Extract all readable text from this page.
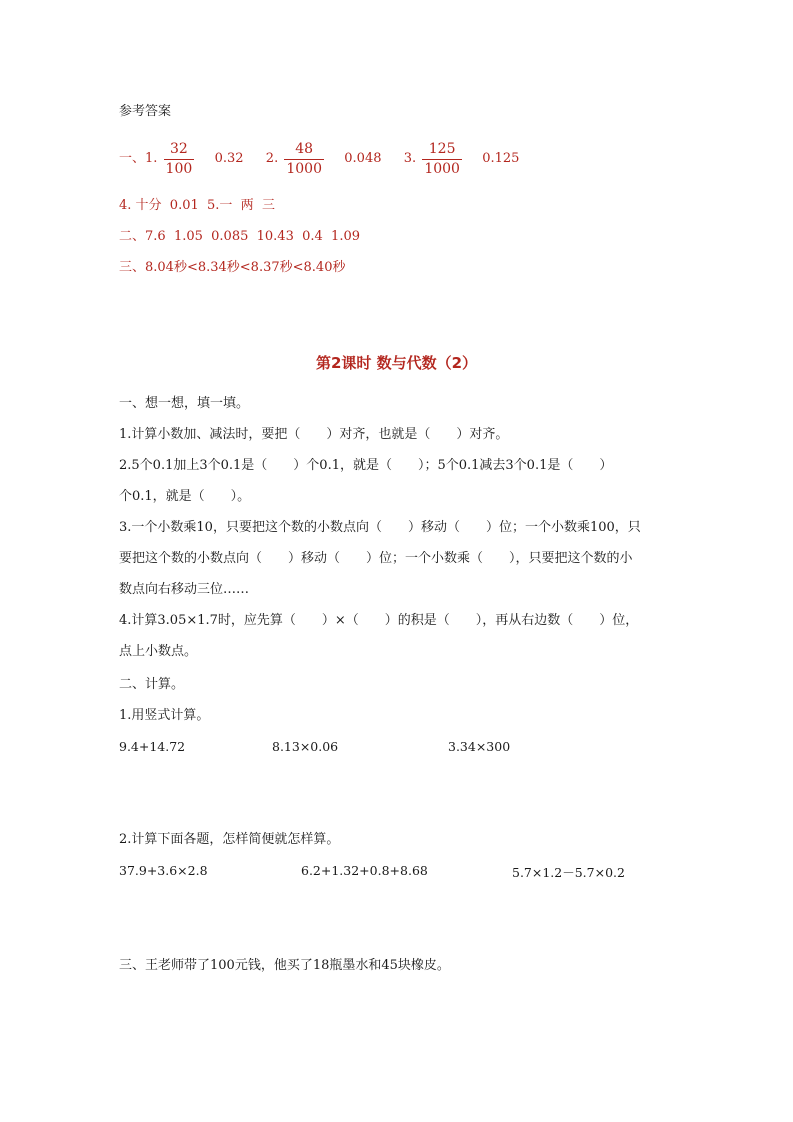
参考答案
一、1. $\frac{32}{100} 0.32$ 2. $\frac{48}{1000} 0.048$ 3. $\frac{125}{1000} 0.125$
4. 十分  0.01  5.一  两  三
二、7.6  1.05  0.085  10.43  0.4  1.09
三、8.04秒<8.34秒<8.37秒<8.40秒
第2课时 数与代数（2）
一、想一想，填一填。
1.计算小数加、减法时，要把（　　）对齐，也就是（　　）对齐。
2.5个0.1加上3个0.1是（　　）个0.1，就是（　　）；5个0.1减去3个0.1是（　　）
个0.1，就是（　　）。
3.一个小数乘10，只要把这个数的小数点向（　　）移动（　　）位；一个小数乘100，只
要把这个数的小数点向（　　）移动（　　）位；一个小数乘（　　），只要把这个数的小
数点向右移动三位……
4.计算3.05×1.7时，应先算（　　）×（　　）的积是（　　），再从右边数（　　）位，
点上小数点。
二、计算。
1.用竖式计算。
9.4+14.72	8.13×0.06	3.34×300
2.计算下面各题，怎样简便就怎样算。
37.9+3.6×2.8	6.2+1.32+0.8+8.68	5.7×1.2－5.7×0.2
三、王老师带了100元钱，他买了18瓶墨水和45块橡皮。
